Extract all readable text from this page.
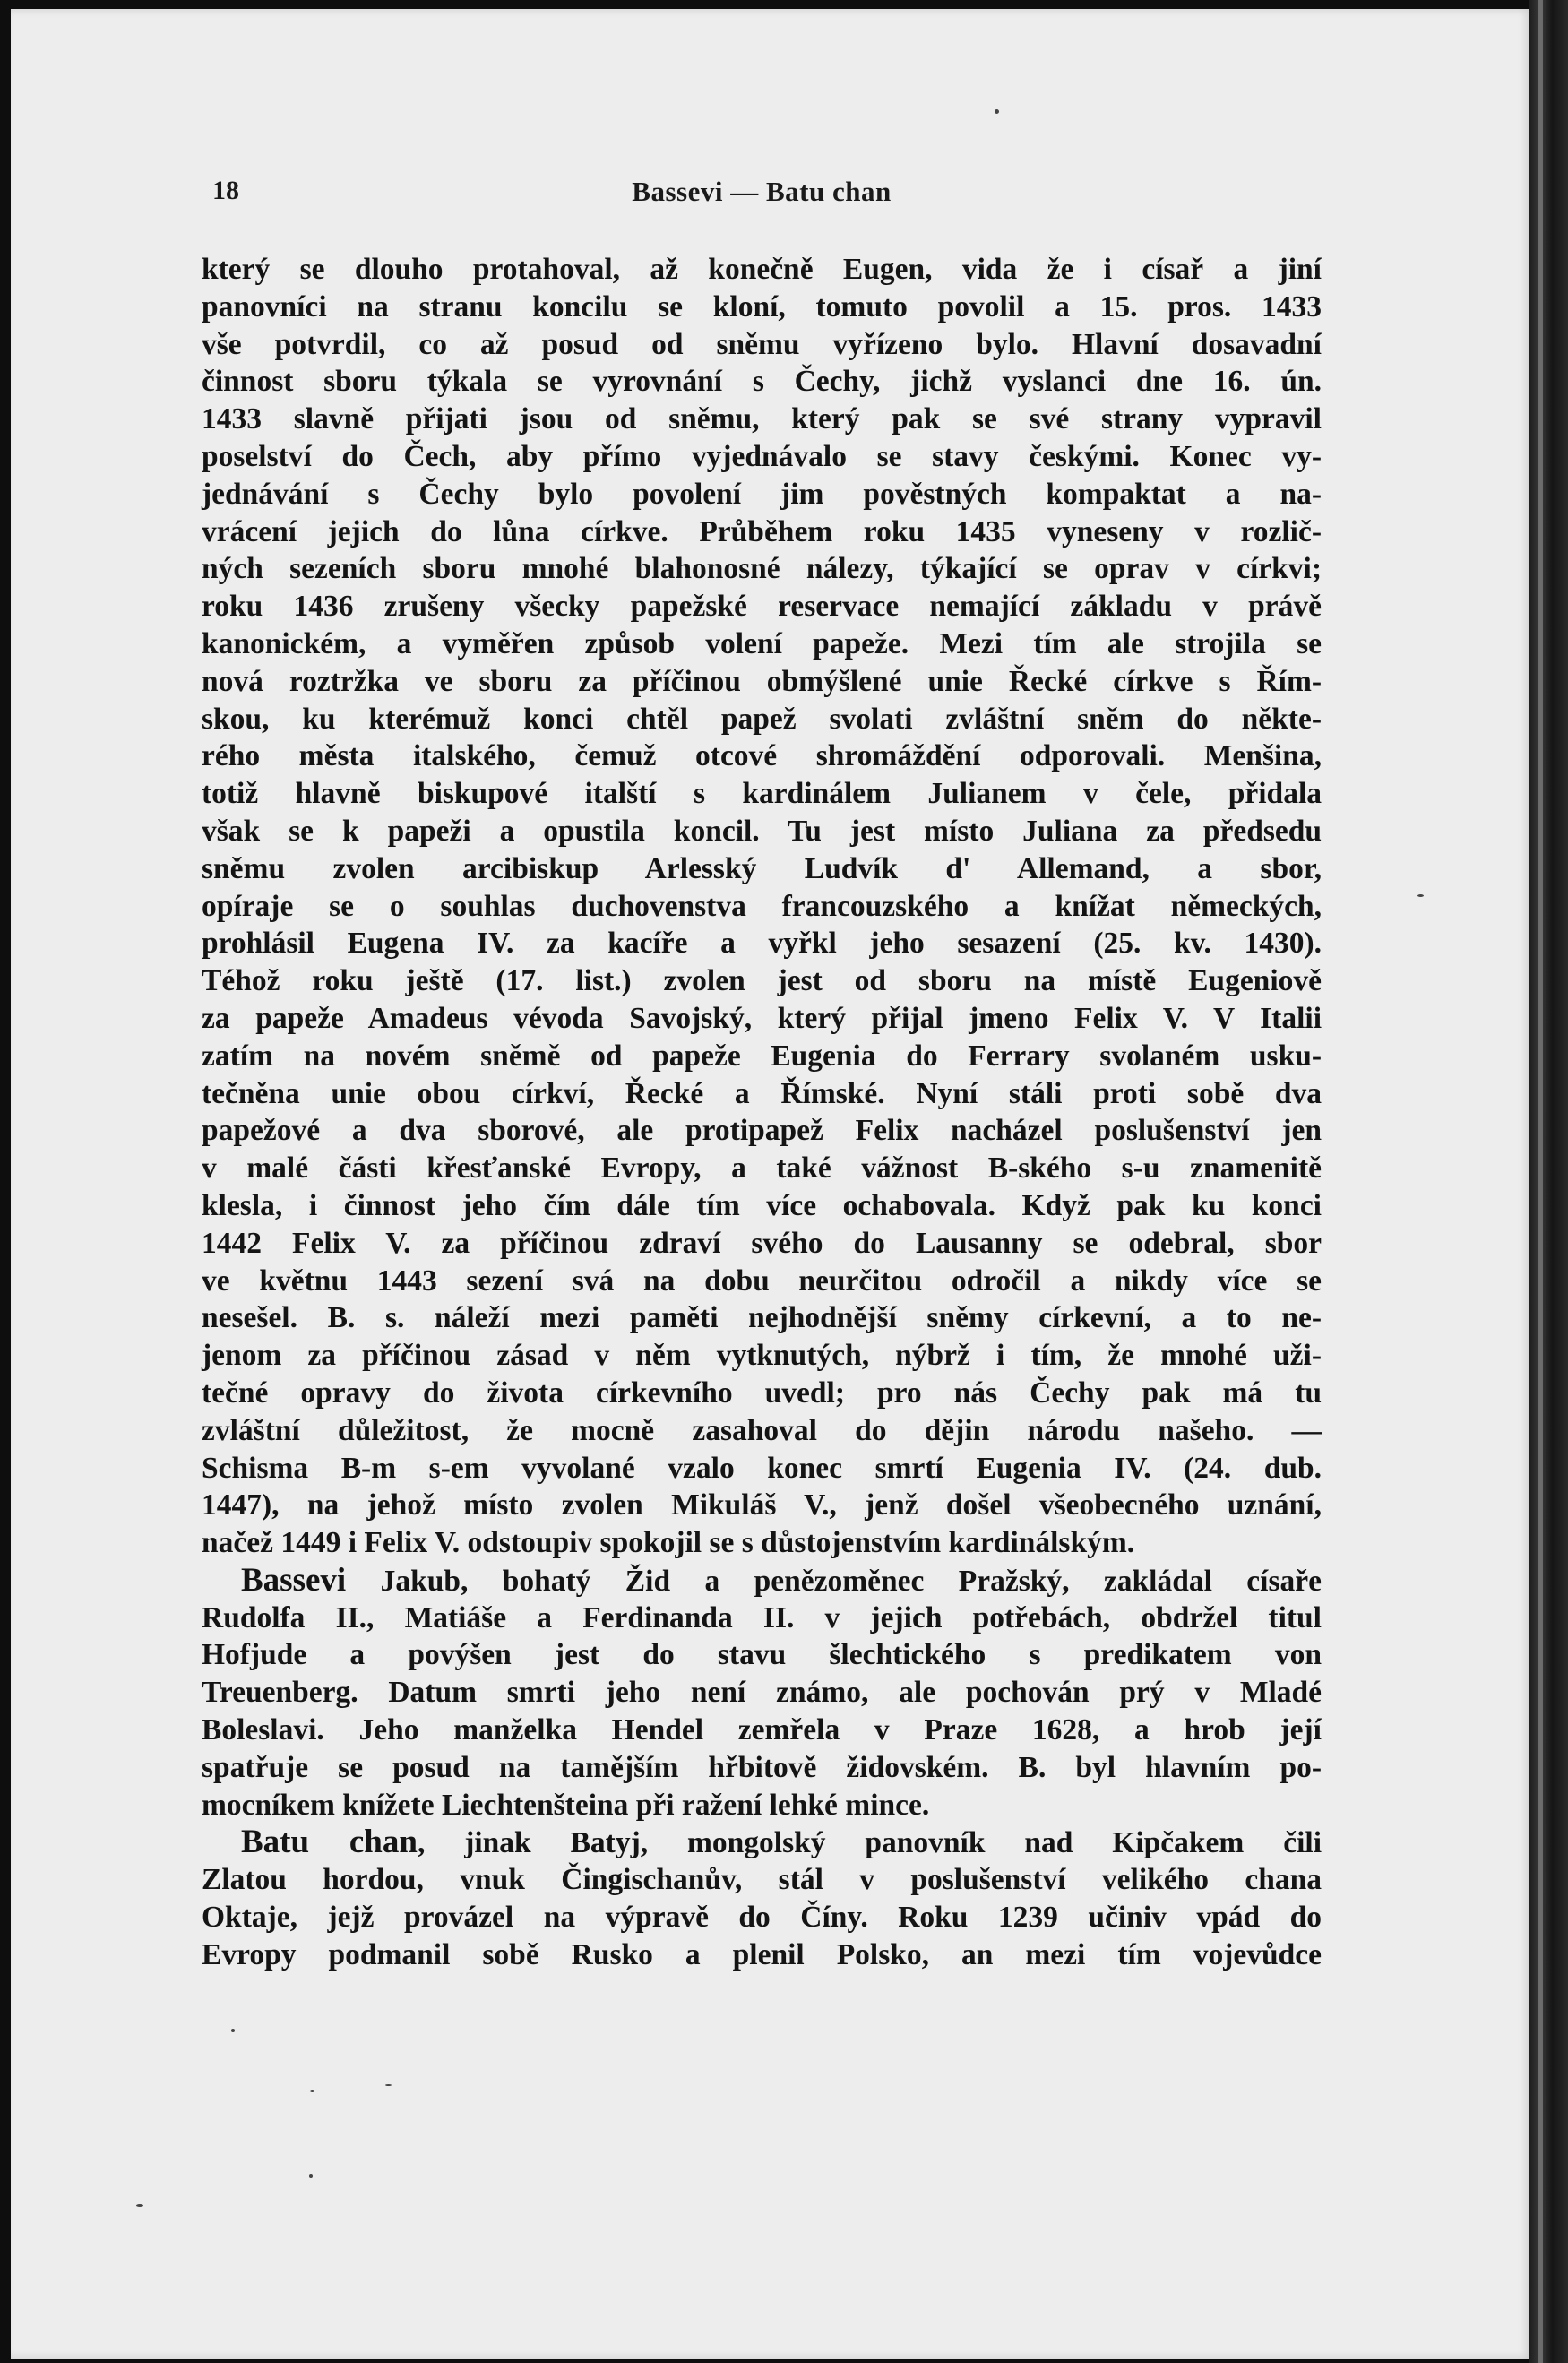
18	Bassevi — Batu chan
který se dlouho protahoval, až konečně Eugen, vida že i císař a jiní
panovníci na stranu koncilu se kloní, tomuto povolil a 15. pros. 1433
vše potvrdil, co až posud od sněmu vyřízeno bylo. Hlavní dosavadní
činnost sboru týkala se vyrovnání s Čechy, jichž vyslanci dne 16. ún.
1433 slavně přijati jsou od sněmu, který pak se své strany vypravil
poselství do Čech, aby přímo vyjednávalo se stavy českými. Konec vy-
jednávání s Čechy bylo povolení jim pověstných kompaktat a na-
vrácení jejich do lůna církve. Průběhem roku 1435 vyneseny v rozlič-
ných sezeních sboru mnohé blahonosné nálezy, týkající se oprav v církvi;
roku 1436 zrušeny všecky papežské reservace nemající základu v právě
kanonickém, a vyměřen způsob volení papeže. Mezi tím ale strojila se
nová roztržka ve sboru za příčinou obmýšlené unie Řecké církve s Řím-
skou, ku kterémuž konci chtěl papež svolati zvláštní sněm do někte-
rého města italského, čemuž otcové shromáždění odporovali. Menšina,
totiž hlavně biskupové italští s kardinálem Julianem v čele, přidala
však se k papeži a opustila koncil. Tu jest místo Juliana za předsedu
sněmu zvolen arcibiskup Arlesský Ludvík d' Allemand, a sbor,
opíraje se o souhlas duchovenstva francouzského a knížat německých,
prohlásil Eugena IV. za kacíře a vyřkl jeho sesazení (25. kv. 1430).
Téhož roku ještě (17. list.) zvolen jest od sboru na místě Eugeniově
za papeže Amadeus vévoda Savojský, který přijal jmeno Felix V. V Italii
zatím na novém sněmě od papeže Eugenia do Ferrary svolaném usku-
tečněna unie obou církví, Řecké a Římské. Nyní stáli proti sobě dva
papežové a dva sborové, ale protipapež Felix nacházel poslušenství jen
v malé části křesťanské Evropy, a také vážnost B-ského s-u znamenitě
klesla, i činnost jeho čím dále tím více ochabovala. Když pak ku konci
1442 Felix V. za příčinou zdraví svého do Lausanny se odebral, sbor
ve květnu 1443 sezení svá na dobu neurčitou odročil a nikdy více se
nesešel. B. s. náleží mezi paměti nejhodnější sněmy církevní, a to ne-
jenom za příčinou zásad v něm vytknutých, nýbrž i tím, že mnohé uži-
tečné opravy do života církevního uvedl; pro nás Čechy pak má tu
zvláštní důležitost, že mocně zasahoval do dějin národu našeho. —
Schisma B-m s-em vyvolané vzalo konec smrtí Eugenia IV. (24. dub.
1447), na jehož místo zvolen Mikuláš V., jenž došel všeobecného uznání,
načež 1449 i Felix V. odstoupiv spokojil se s důstojenstvím kardinálským.
Bassevi Jakub, bohatý Žid a penězoměnec Pražský, zakládal císaře
Rudolfa II., Matiáše a Ferdinanda II. v jejich potřebách, obdržel titul
Hofjude a povýšen jest do stavu šlechtického s predikatem von
Treuenberg. Datum smrti jeho není známo, ale pochován prý v Mladé
Boleslavi. Jeho manželka Hendel zemřela v Praze 1628, a hrob její
spatřuje se posud na tamějším hřbitově židovském. B. byl hlavním po-
mocníkem knížete Liechtenšteina při ražení lehké mince.
Batu chan, jinak Batyj, mongolský panovník nad Kipčakem čili
Zlatou hordou, vnuk Čingischanův, stál v poslušenství velikého chana
Oktaje, jejž provázel na výpravě do Číny. Roku 1239 učiniv vpád do
Evropy podmanil sobě Rusko a plenil Polsko, an mezi tím vojevůdce
